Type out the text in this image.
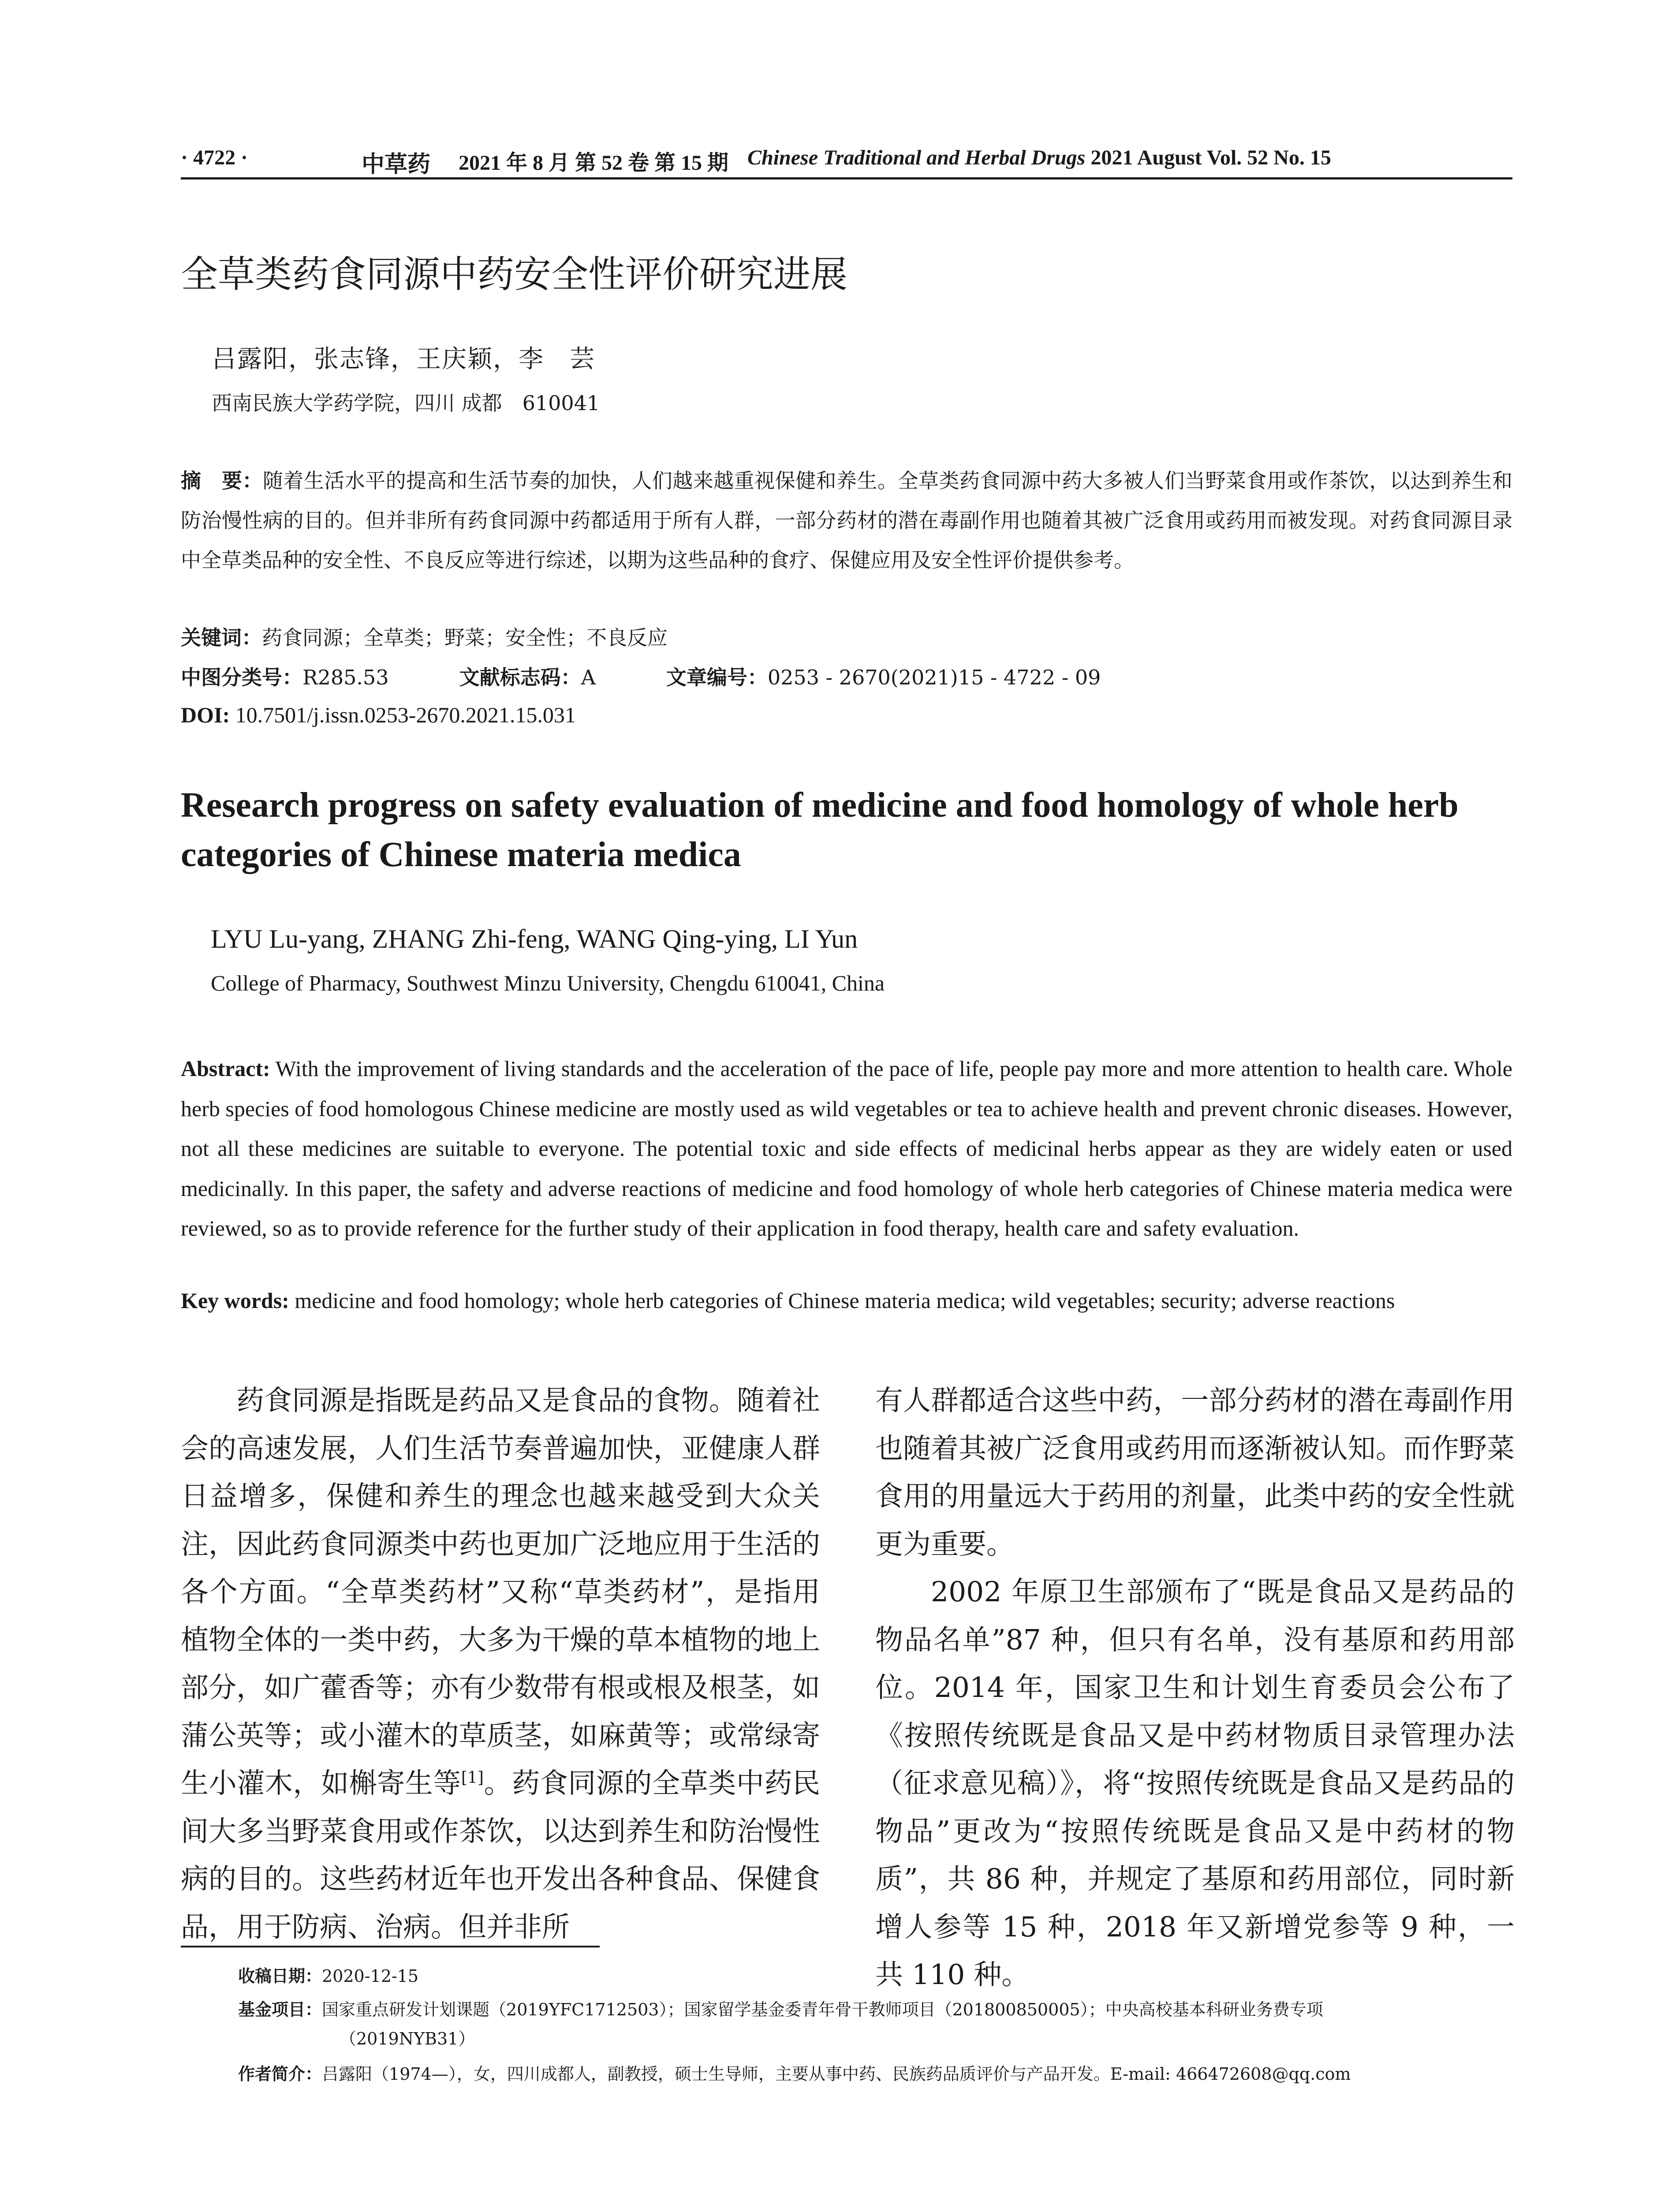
· 4722 ·	中草药 2021 年 8 月 第 52 卷 第 15 期 Chinese Traditional and Herbal Drugs 2021 August Vol. 52 No. 15
全草类药食同源中药安全性评价研究进展
吕露阳，张志锋，王庆颖，李　芸
西南民族大学药学院，四川 成都　610041
摘　要：随着生活水平的提高和生活节奏的加快，人们越来越重视保健和养生。全草类药食同源中药大多被人们当野菜食用或作茶饮，以达到养生和防治慢性病的目的。但并非所有药食同源中药都适用于所有人群，一部分药材的潜在毒副作用也随着其被广泛食用或药用而被发现。对药食同源目录中全草类品种的安全性、不良反应等进行综述，以期为这些品种的食疗、保健应用及安全性评价提供参考。
关键词：药食同源；全草类；野菜；安全性；不良反应
中图分类号：R285.53	文献标志码：A	文章编号：0253 - 2670(2021)15 - 4722 - 09
DOI: 10.7501/j.issn.0253-2670.2021.15.031
Research progress on safety evaluation of medicine and food homology of whole herb categories of Chinese materia medica
LYU Lu-yang, ZHANG Zhi-feng, WANG Qing-ying, LI Yun
College of Pharmacy, Southwest Minzu University, Chengdu 610041, China
Abstract: With the improvement of living standards and the acceleration of the pace of life, people pay more and more attention to health care. Whole herb species of food homologous Chinese medicine are mostly used as wild vegetables or tea to achieve health and prevent chronic diseases. However, not all these medicines are suitable to everyone. The potential toxic and side effects of medicinal herbs appear as they are widely eaten or used medicinally. In this paper, the safety and adverse reactions of medicine and food homology of whole herb categories of Chinese materia medica were reviewed, so as to provide reference for the further study of their application in food therapy, health care and safety evaluation.
Key words: medicine and food homology; whole herb categories of Chinese materia medica; wild vegetables; security; adverse reactions

药食同源是指既是药品又是食品的食物。随着社会的高速发展，人们生活节奏普遍加快，亚健康人群日益增多，保健和养生的理念也越来越受到大众关注，因此药食同源类中药也更加广泛地应用于生活的各个方面。“全草类药材”又称“草类药材”，是指用植物全体的一类中药，大多为干燥的草本植物的地上部分，如广藿香等；亦有少数带有根或根及根茎，如蒲公英等；或小灌木的草质茎，如麻黄等；或常绿寄生小灌木，如槲寄生等[1]。药食同源的全草类中药民间大多当野菜食用或作茶饮，以达到养生和防治慢性病的目的。这些药材近年也开发出各种食品、保健食品，用于防病、治病。但并非所

有人群都适合这些中药，一部分药材的潜在毒副作用也随着其被广泛食用或药用而逐渐被认知。而作野菜食用的用量远大于药用的剂量，此类中药的安全性就更为重要。

2002 年原卫生部颁布了“既是食品又是药品的物品名单”87 种，但只有名单，没有基原和药用部位。2014 年，国家卫生和计划生育委员会公布了《按照传统既是食品又是中药材物质目录管理办法（征求意见稿）》，将“按照传统既是食品又是药品的物品”更改为“按照传统既是食品又是中药材的物质”，共 86 种，并规定了基原和药用部位，同时新增人参等 15 种，2018 年又新增党参等 9 种，一共 110 种。

收稿日期：2020-12-15
基金项目：国家重点研发计划课题（2019YFC1712503）；国家留学基金委青年骨干教师项目（201800850005）；中央高校基本科研业务费专项
（2019NYB31）
作者简介：吕露阳（1974—），女，四川成都人，副教授，硕士生导师，主要从事中药、民族药品质评价与产品开发。E-mail: 466472608@qq.com
